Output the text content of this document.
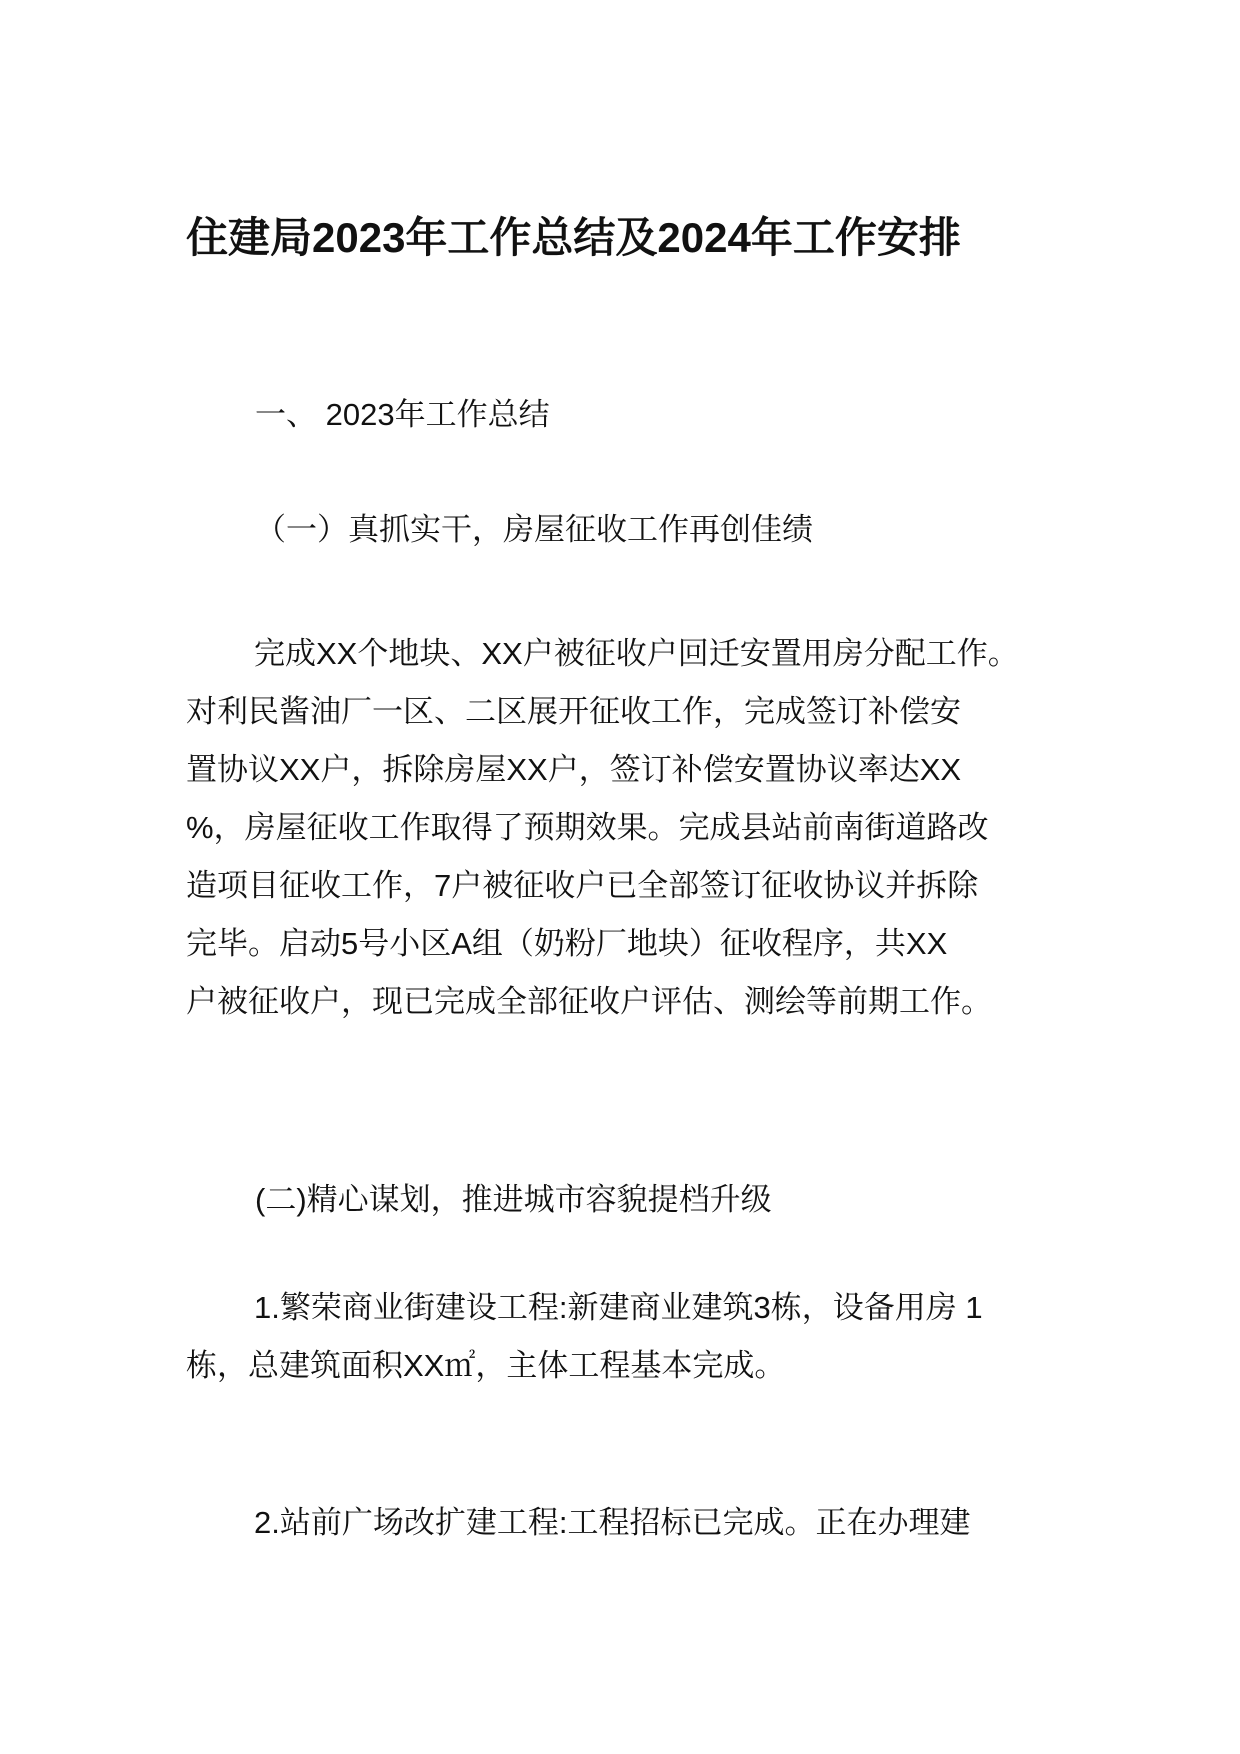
住建局2023年工作总结及2024年工作安排
一、 2023年工作总结
（一）真抓实干，房屋征收工作再创佳绩
完成XX个地块、XX户被征收户回迁安置用房分配工作。
对利民酱油厂一区、二区展开征收工作，完成签订补偿安
置协议XX户，拆除房屋XX户，签订补偿安置协议率达XX
%，房屋征收工作取得了预期效果。完成县站前南街道路改
造项目征收工作，7户被征收户已全部签订征收协议并拆除
完毕。启动5号小区A组（奶粉厂地块）征收程序，共XX
户被征收户，现已完成全部征收户评估、测绘等前期工作。
(二)精心谋划，推进城市容貌提档升级
1.繁荣商业街建设工程:新建商业建筑3栋，设备用房 1
栋，总建筑面积XX㎡，主体工程基本完成。
2.站前广场改扩建工程:工程招标已完成。正在办理建
